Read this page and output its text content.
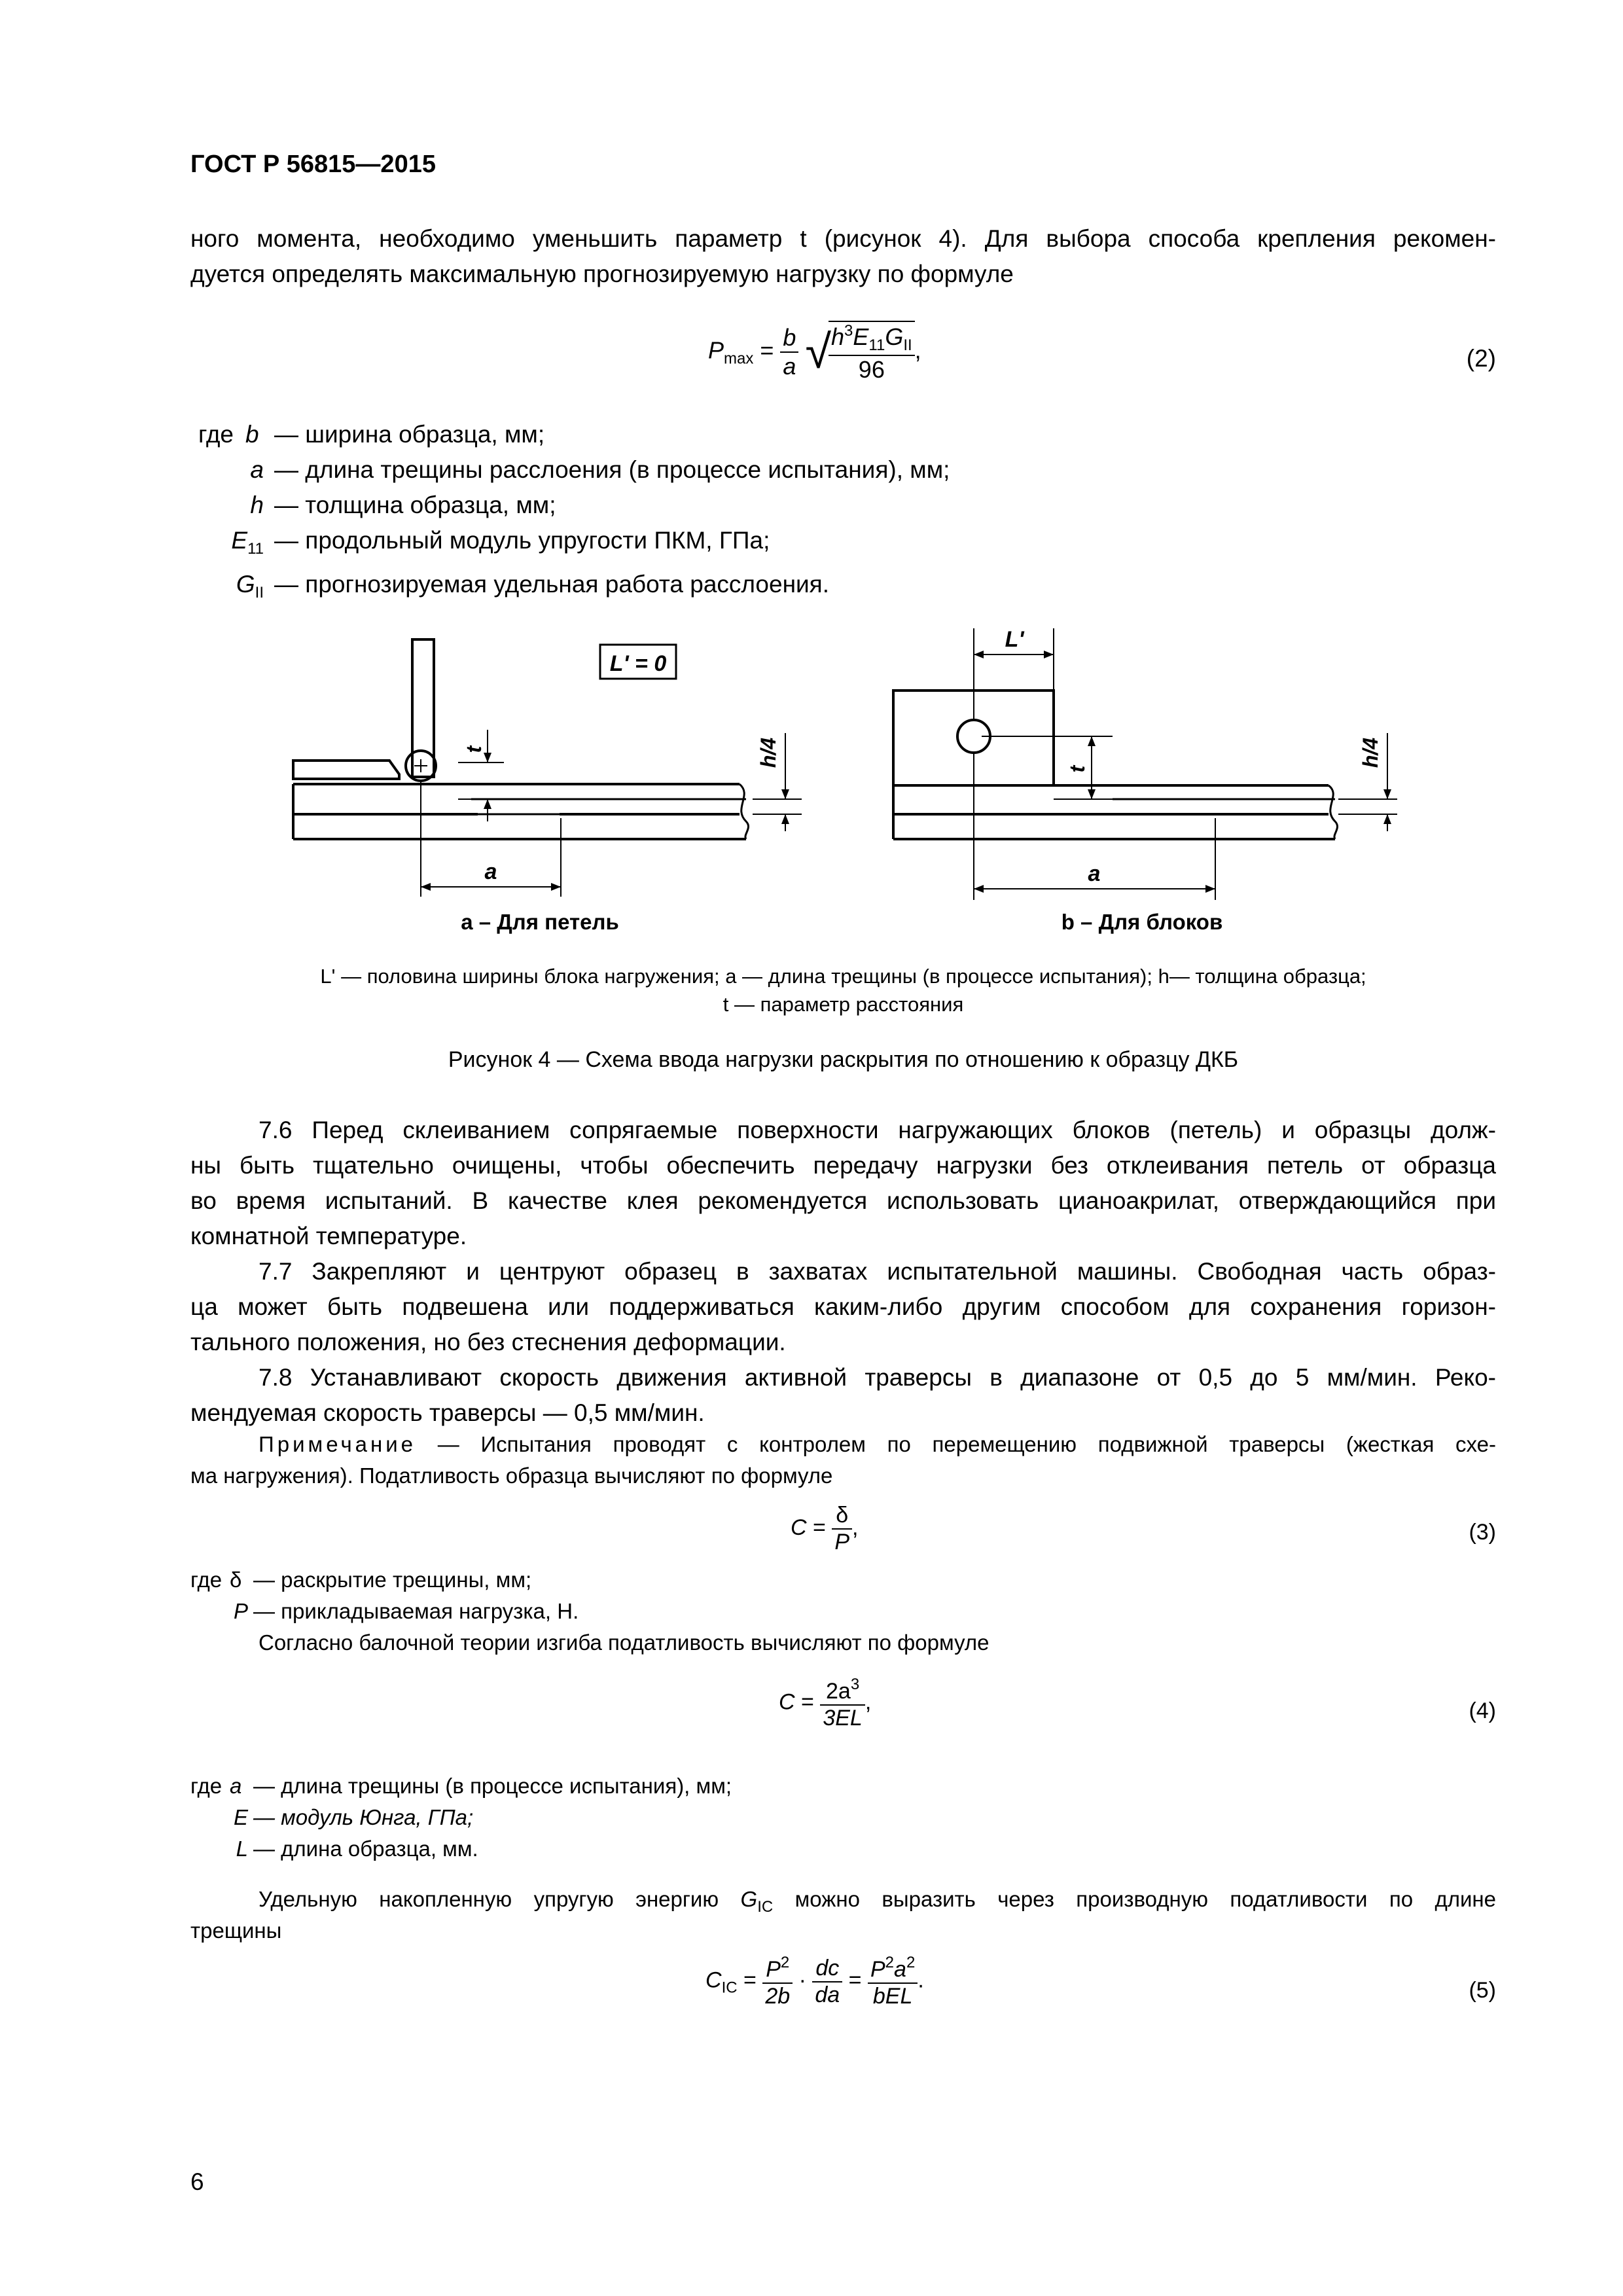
ГОСТ Р 56815—2015
ного момента, необходимо уменьшить параметр t (рисунок 4). Для выбора способа крепления рекомен-
дуется определять максимальную прогнозируемую нагрузку по формуле
$P_{max} = \frac{b}{a}$ √
$\frac{h^3E_{11}G_{II}}{96}$ ,	(2)
где b — ширина образца, мм;
a — длина трещины расслоения (в процессе испытания), мм;
h — толщина образца, мм;
$E_{11}$ — продольный модуль упругости ПКМ, ГПа;
$G_{II}$ — прогнозируемая удельная работа расслоения.
L' = 0
t	h/4
a
L'
t
h/4
a
a – Для петель	b – Для блоков
L' — половина ширины блока нагружения; a — длина трещины (в процессе испытания); h— толщина образца;
t — параметр расстояния
Рисунок 4 — Схема ввода нагрузки раскрытия по отношению к образцу ДКБ
7.6 Перед склеиванием сопрягаемые поверхности нагружающих блоков (петель) и образцы долж-
ны быть тщательно очищены, чтобы обеспечить передачу нагрузки без отклеивания петель от образца
во время испытаний. В качестве клея рекомендуется использовать цианоакрилат, отверждающийся при
комнатной температуре.
7.7 Закрепляют и центруют образец в захватах испытательной машины. Свободная часть образ-
ца может быть подвешена или поддерживаться каким-либо другим способом для сохранения горизон-
тального положения, но без стеснения деформации.
7.8 Устанавливают скорость движения активной траверсы в диапазоне от 0,5 до 5 мм/мин. Реко-
мендуемая скорость траверсы — 0,5 мм/мин.
Примечание — Испытания проводят с контролем по перемещению подвижной траверсы (жесткая схе-
ма нагружения). Податливость образца вычисляют по формуле
$C = \frac{\delta}{P}$ ,	(3)
где δ — раскрытие трещины, мм;
P — прикладываемая нагрузка, Н.
Согласно балочной теории изгиба податливость вычисляют по формуле
$C = \frac{2a^3}{3EL}$ ,	(4)
где a — длина трещины (в процессе испытания), мм;
E — модуль Юнга, ГПа;
L — длина образца, мм.
Удельную накопленную упругую энергию $G_{IC}$ можно выразить через производную податливости по длине
трещины
$C_{IC} = \frac{P^2}{2b} \cdot \frac{dc}{da} = \frac{P^2a^2}{\text{bEL}}$ .	(5)
6
